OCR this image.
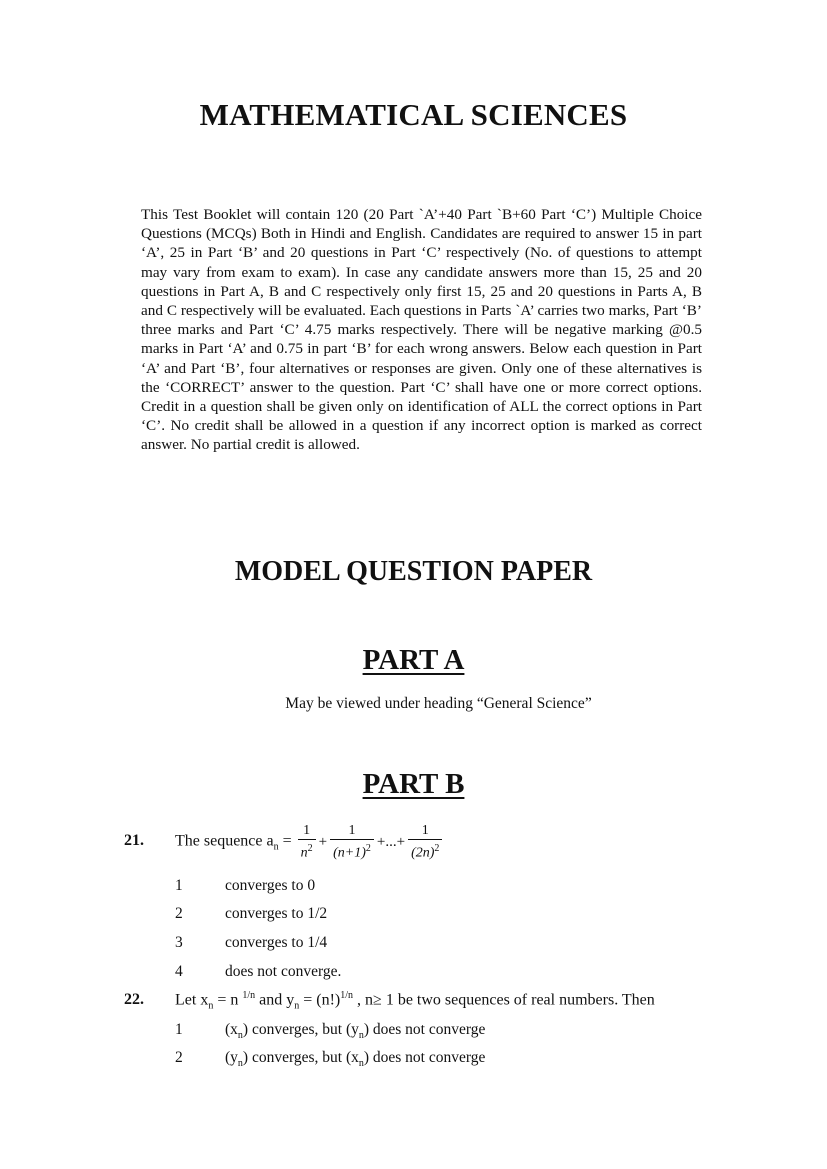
MATHEMATICAL SCIENCES

This Test Booklet will contain 120 (20 Part `A’+40 Part `B+60 Part ‘C’) Multiple Choice Questions (MCQs) Both in Hindi and English. Candidates are required to answer 15 in part ‘A’, 25 in Part ‘B’ and 20 questions in Part ‘C’ respectively (No. of questions to attempt may vary from exam to exam). In case any candidate answers more than 15, 25 and 20 questions in Part A, B and C respectively only first 15, 25 and 20 questions in Parts A, B and C respectively will be evaluated. Each questions in Parts `A’ carries two marks, Part ‘B’ three marks and Part ‘C’ 4.75 marks respectively. There will be negative marking @0.5 marks in Part ‘A’ and 0.75 in part ‘B’ for each wrong answers. Below each question in Part ‘A’ and Part ‘B’, four alternatives or responses are given. Only one of these alternatives is the ‘CORRECT’ answer to the question. Part ‘C’ shall have one or more correct options. Credit in a question shall be given only on identification of ALL the correct options in Part ‘C’. No credit shall be allowed in a question if any incorrect option is marked as correct answer. No partial credit is allowed.

MODEL QUESTION PAPER
PART A

May be viewed under heading “General Science”

PART B
21. The sequence $a_n = \frac{1}{n^2} + \frac{1}{(n+1)^2}$ +...+ $\frac{1}{(2n)^2}$
1	converges to 0
2	converges to 1/2
3	converges to 1/4
4	does not converge.
22. Let $x_n = n$ $^{1/n}$ and $y_n = (n!)^{1/n}$ , n≥ 1 be two sequences of real numbers. Then
1	$(x_n)$ converges, but $(y_n)$ does not converge
2	$(y_n)$ converges, but $(x_n)$ does not converge
